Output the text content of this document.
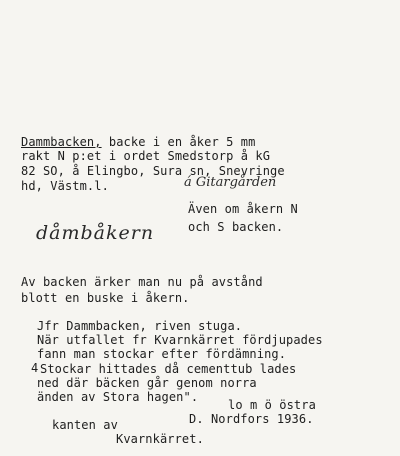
Dammbacken, backe i en åker 5 mm
rakt N p:et i ordet Smedstorp å kG
82 SO, å Elingbo, Sura sn, Snevringe
hd, Västm.l.	á Gitargården
Även om åkern N
dåmbåkern	och S backen.
Av backen ärker man nu på avstånd
blott en buske i åkern.
Jfr Dammbacken, riven stuga.
När utfallet fr Kvarnkärret fördjupades
fann man stockar efter fördämning.
4 Stockar hittades då cementtub lades
ned där bäcken går genom norra
änden av Stora hagen".
lo m ö östra
kanten av	D. Nordfors 1936.
Kvarnkärret.
